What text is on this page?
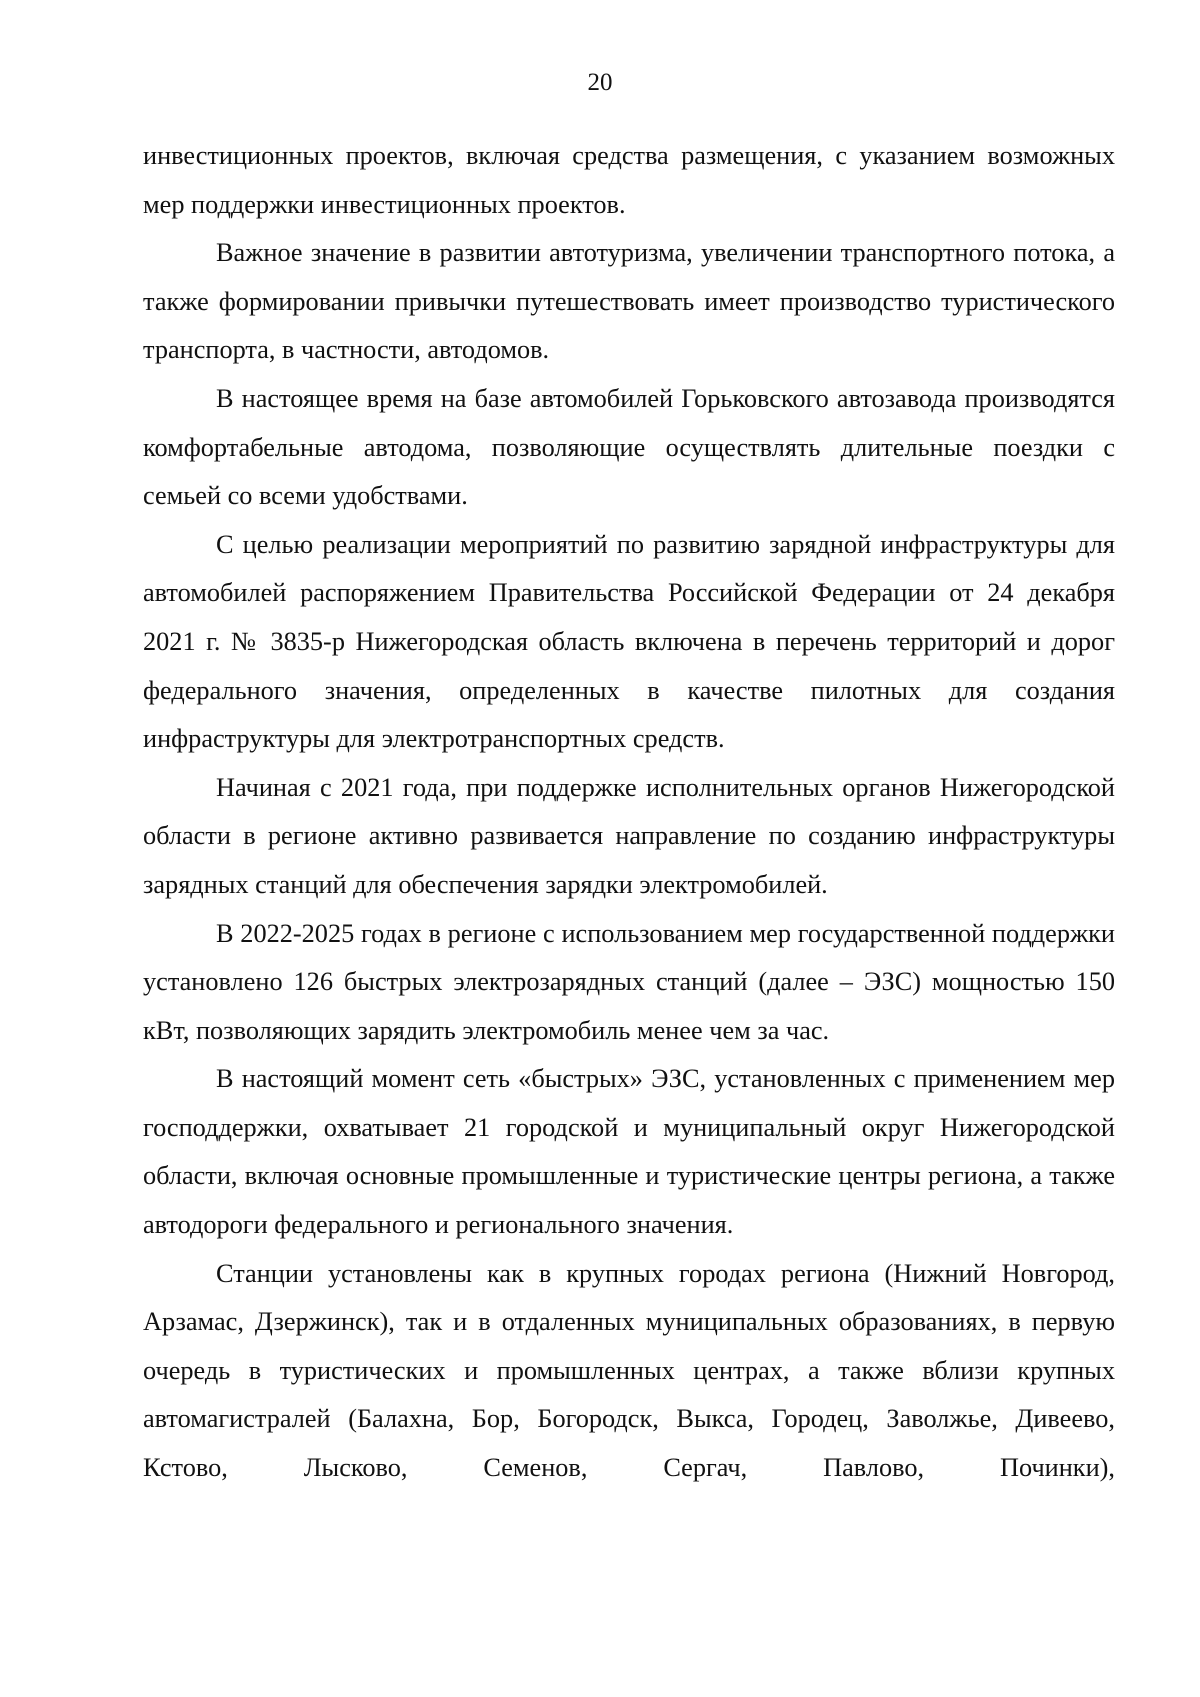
20

инвестиционных проектов, включая средства размещения, с указанием возможных мер поддержки инвестиционных проектов.

Важное значение в развитии автотуризма, увеличении транспортного потока, а также формировании привычки путешествовать имеет производство туристического транспорта, в частности, автодомов.

В настоящее время на базе автомобилей Горьковского автозавода производятся комфортабельные автодома, позволяющие осуществлять длительные поездки с семьей со всеми удобствами.

С целью реализации мероприятий по развитию зарядной инфраструктуры для автомобилей распоряжением Правительства Российской Федерации от 24 декабря 2021 г. № 3835-р Нижегородская область включена в перечень территорий и дорог федерального значения, определенных в качестве пилотных для создания инфраструктуры для электротранспортных средств.

Начиная с 2021 года, при поддержке исполнительных органов Нижегородской области в регионе активно развивается направление по созданию инфраструктуры зарядных станций для обеспечения зарядки электромобилей.

В 2022-2025 годах в регионе с использованием мер государственной поддержки установлено 126 быстрых электрозарядных станций (далее – ЭЗС) мощностью 150 кВт, позволяющих зарядить электромобиль менее чем за час.

В настоящий момент сеть «быстрых» ЭЗС, установленных с применением мер господдержки, охватывает 21 городской и муниципальный округ Нижегородской области, включая основные промышленные и туристические центры региона, а также автодороги федерального и регионального значения.

Станции установлены как в крупных городах региона (Нижний Новгород, Арзамас, Дзержинск), так и в отдаленных муниципальных образованиях, в первую очередь в туристических и промышленных центрах, а также вблизи крупных автомагистралей (Балахна, Бор, Богородск, Выкса, Городец, Заволжье, Дивеево, Кстово, Лысково, Семенов, Сергач, Павлово, Починки),
